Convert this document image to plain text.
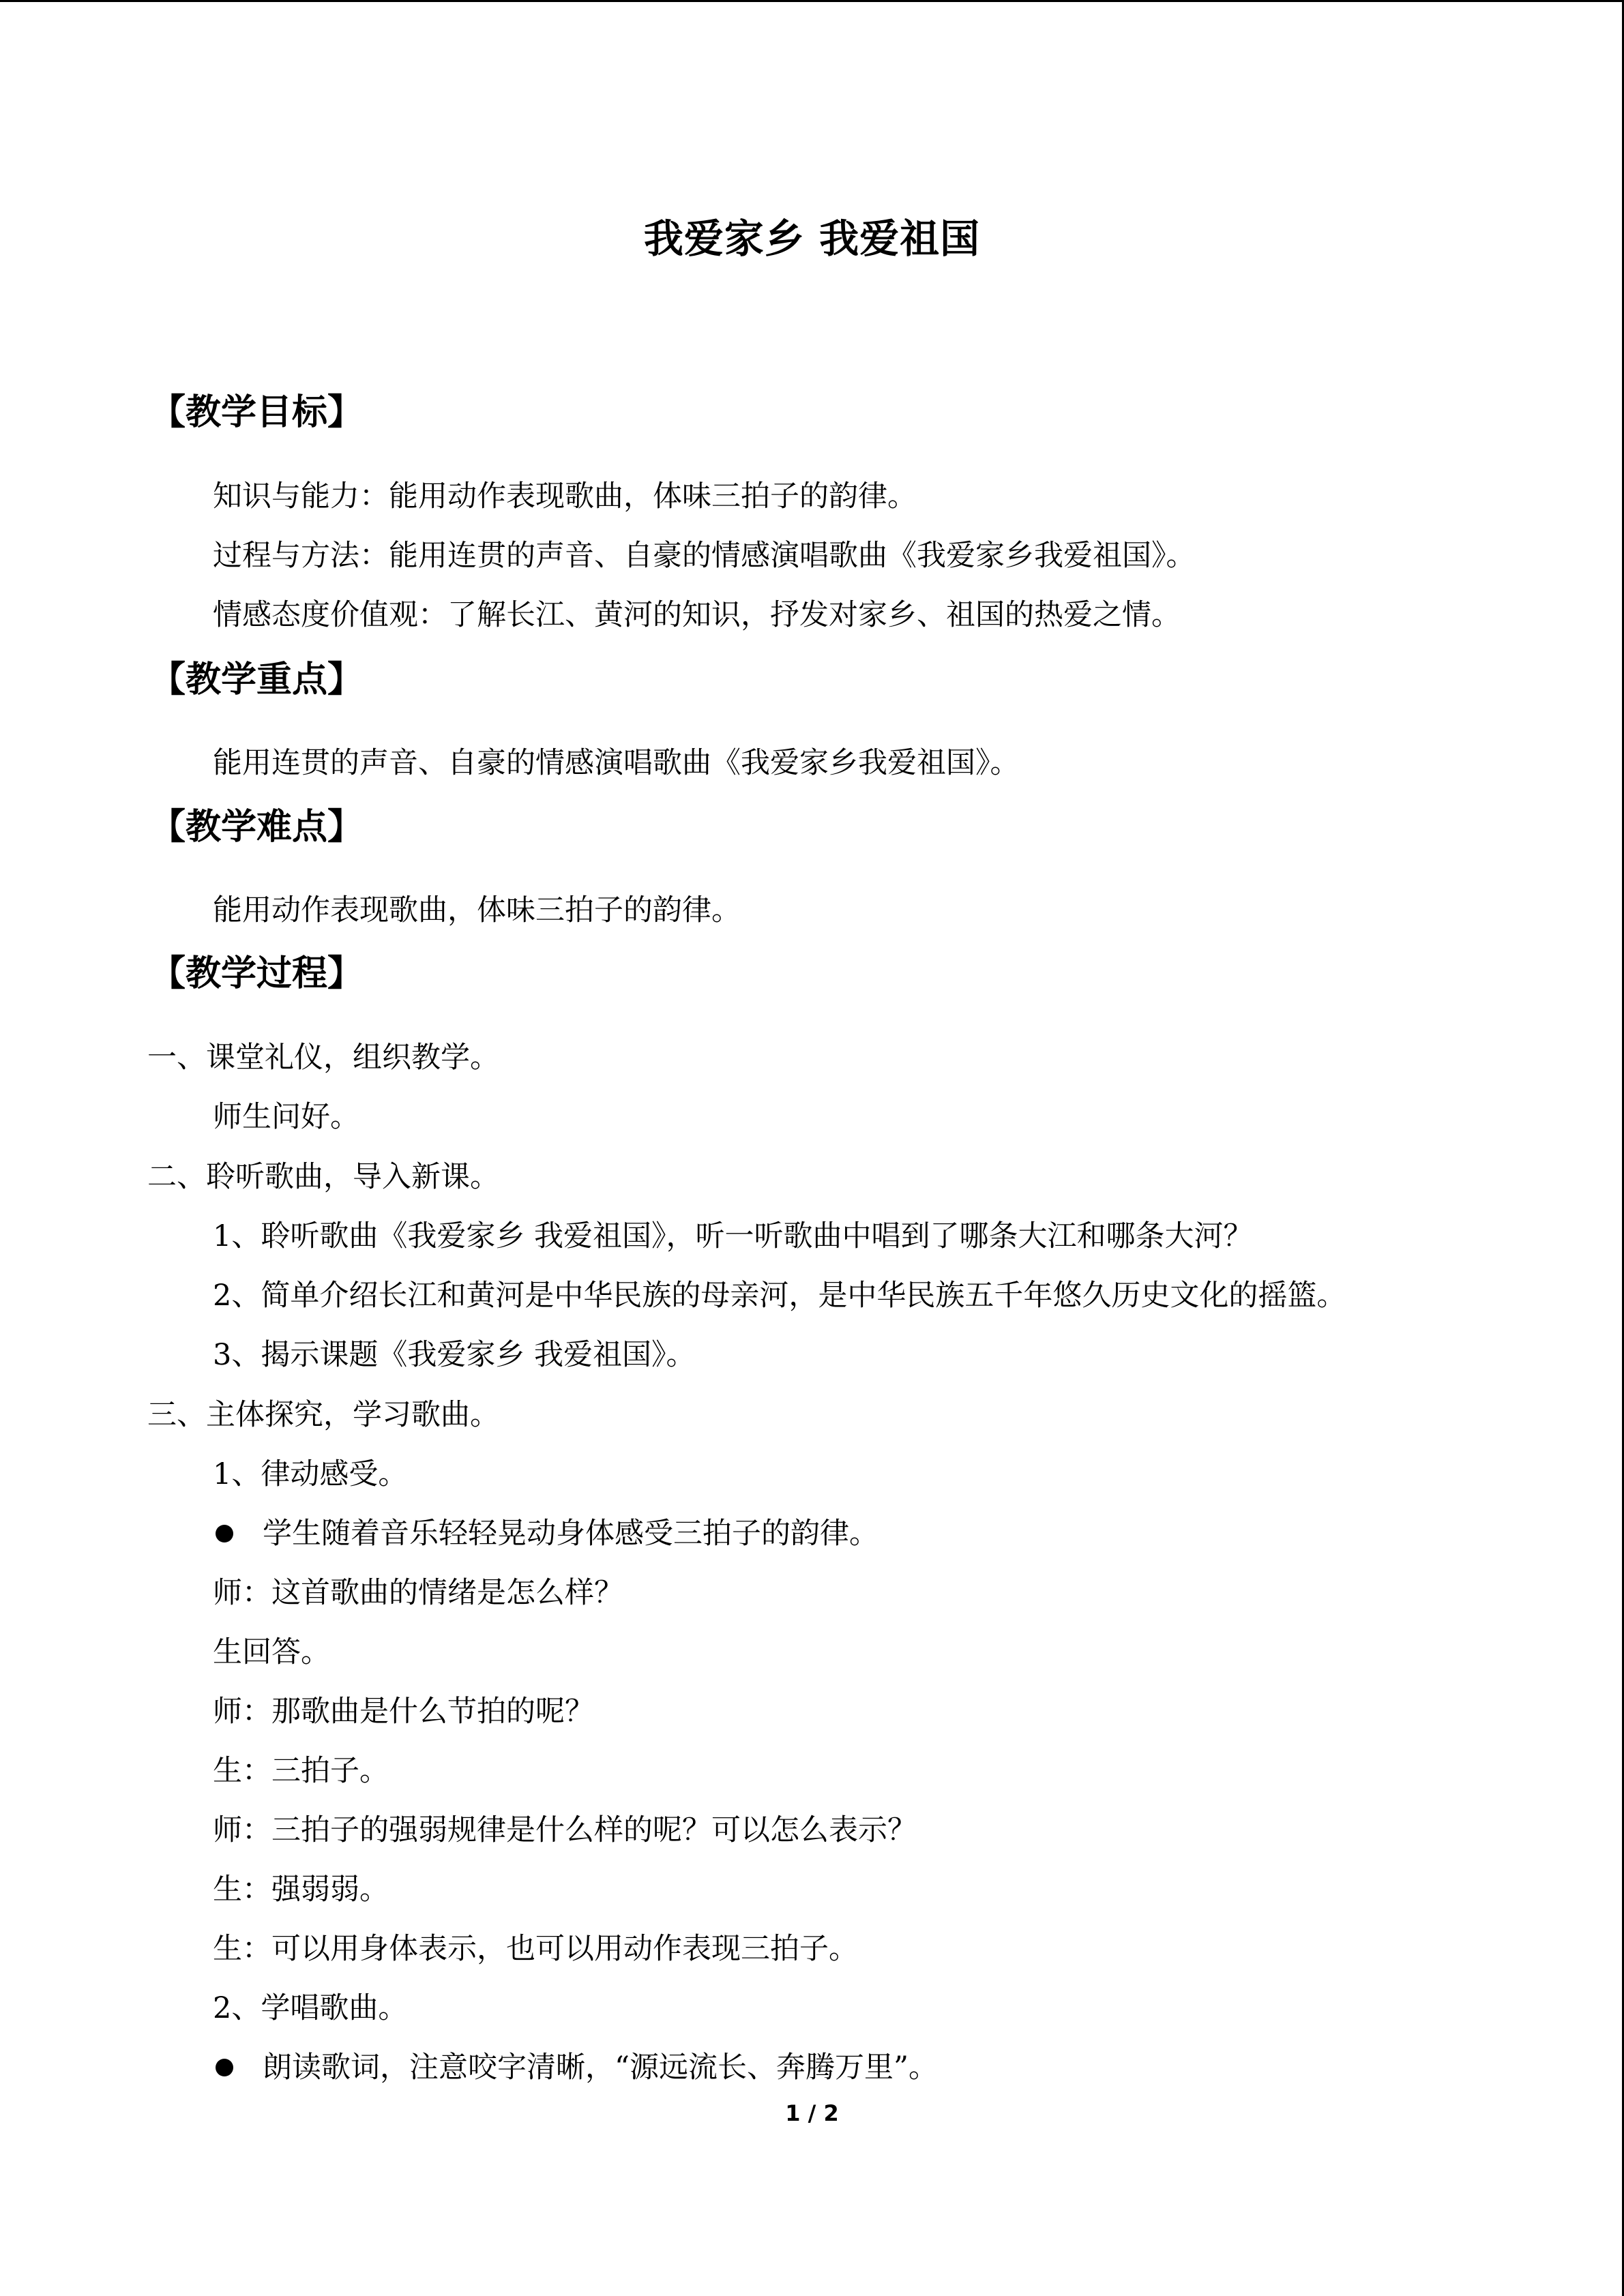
我爱家乡 我爱祖国
【教学目标】
知识与能力：能用动作表现歌曲，体味三拍子的韵律。
过程与方法：能用连贯的声音、自豪的情感演唱歌曲《我爱家乡我爱祖国》。
情感态度价值观：了解长江、黄河的知识，抒发对家乡、祖国的热爱之情。
【教学重点】
能用连贯的声音、自豪的情感演唱歌曲《我爱家乡我爱祖国》。
【教学难点】
能用动作表现歌曲，体味三拍子的韵律。
【教学过程】
一、课堂礼仪，组织教学。
师生问好。
二、聆听歌曲，导入新课。
1、聆听歌曲《我爱家乡 我爱祖国》，听一听歌曲中唱到了哪条大江和哪条大河？
2、简单介绍长江和黄河是中华民族的母亲河，是中华民族五千年悠久历史文化的摇篮。
3、揭示课题《我爱家乡 我爱祖国》。
三、主体探究，学习歌曲。
1、律动感受。
学生随着音乐轻轻晃动身体感受三拍子的韵律。
师：这首歌曲的情绪是怎么样？
生回答。
师：那歌曲是什么节拍的呢？
生：三拍子。
师：三拍子的强弱规律是什么样的呢？可以怎么表示？
生：强弱弱。
生：可以用身体表示，也可以用动作表现三拍子。
2、学唱歌曲。
朗读歌词，注意咬字清晰，“源远流长、奔腾万里”。
1 / 2
